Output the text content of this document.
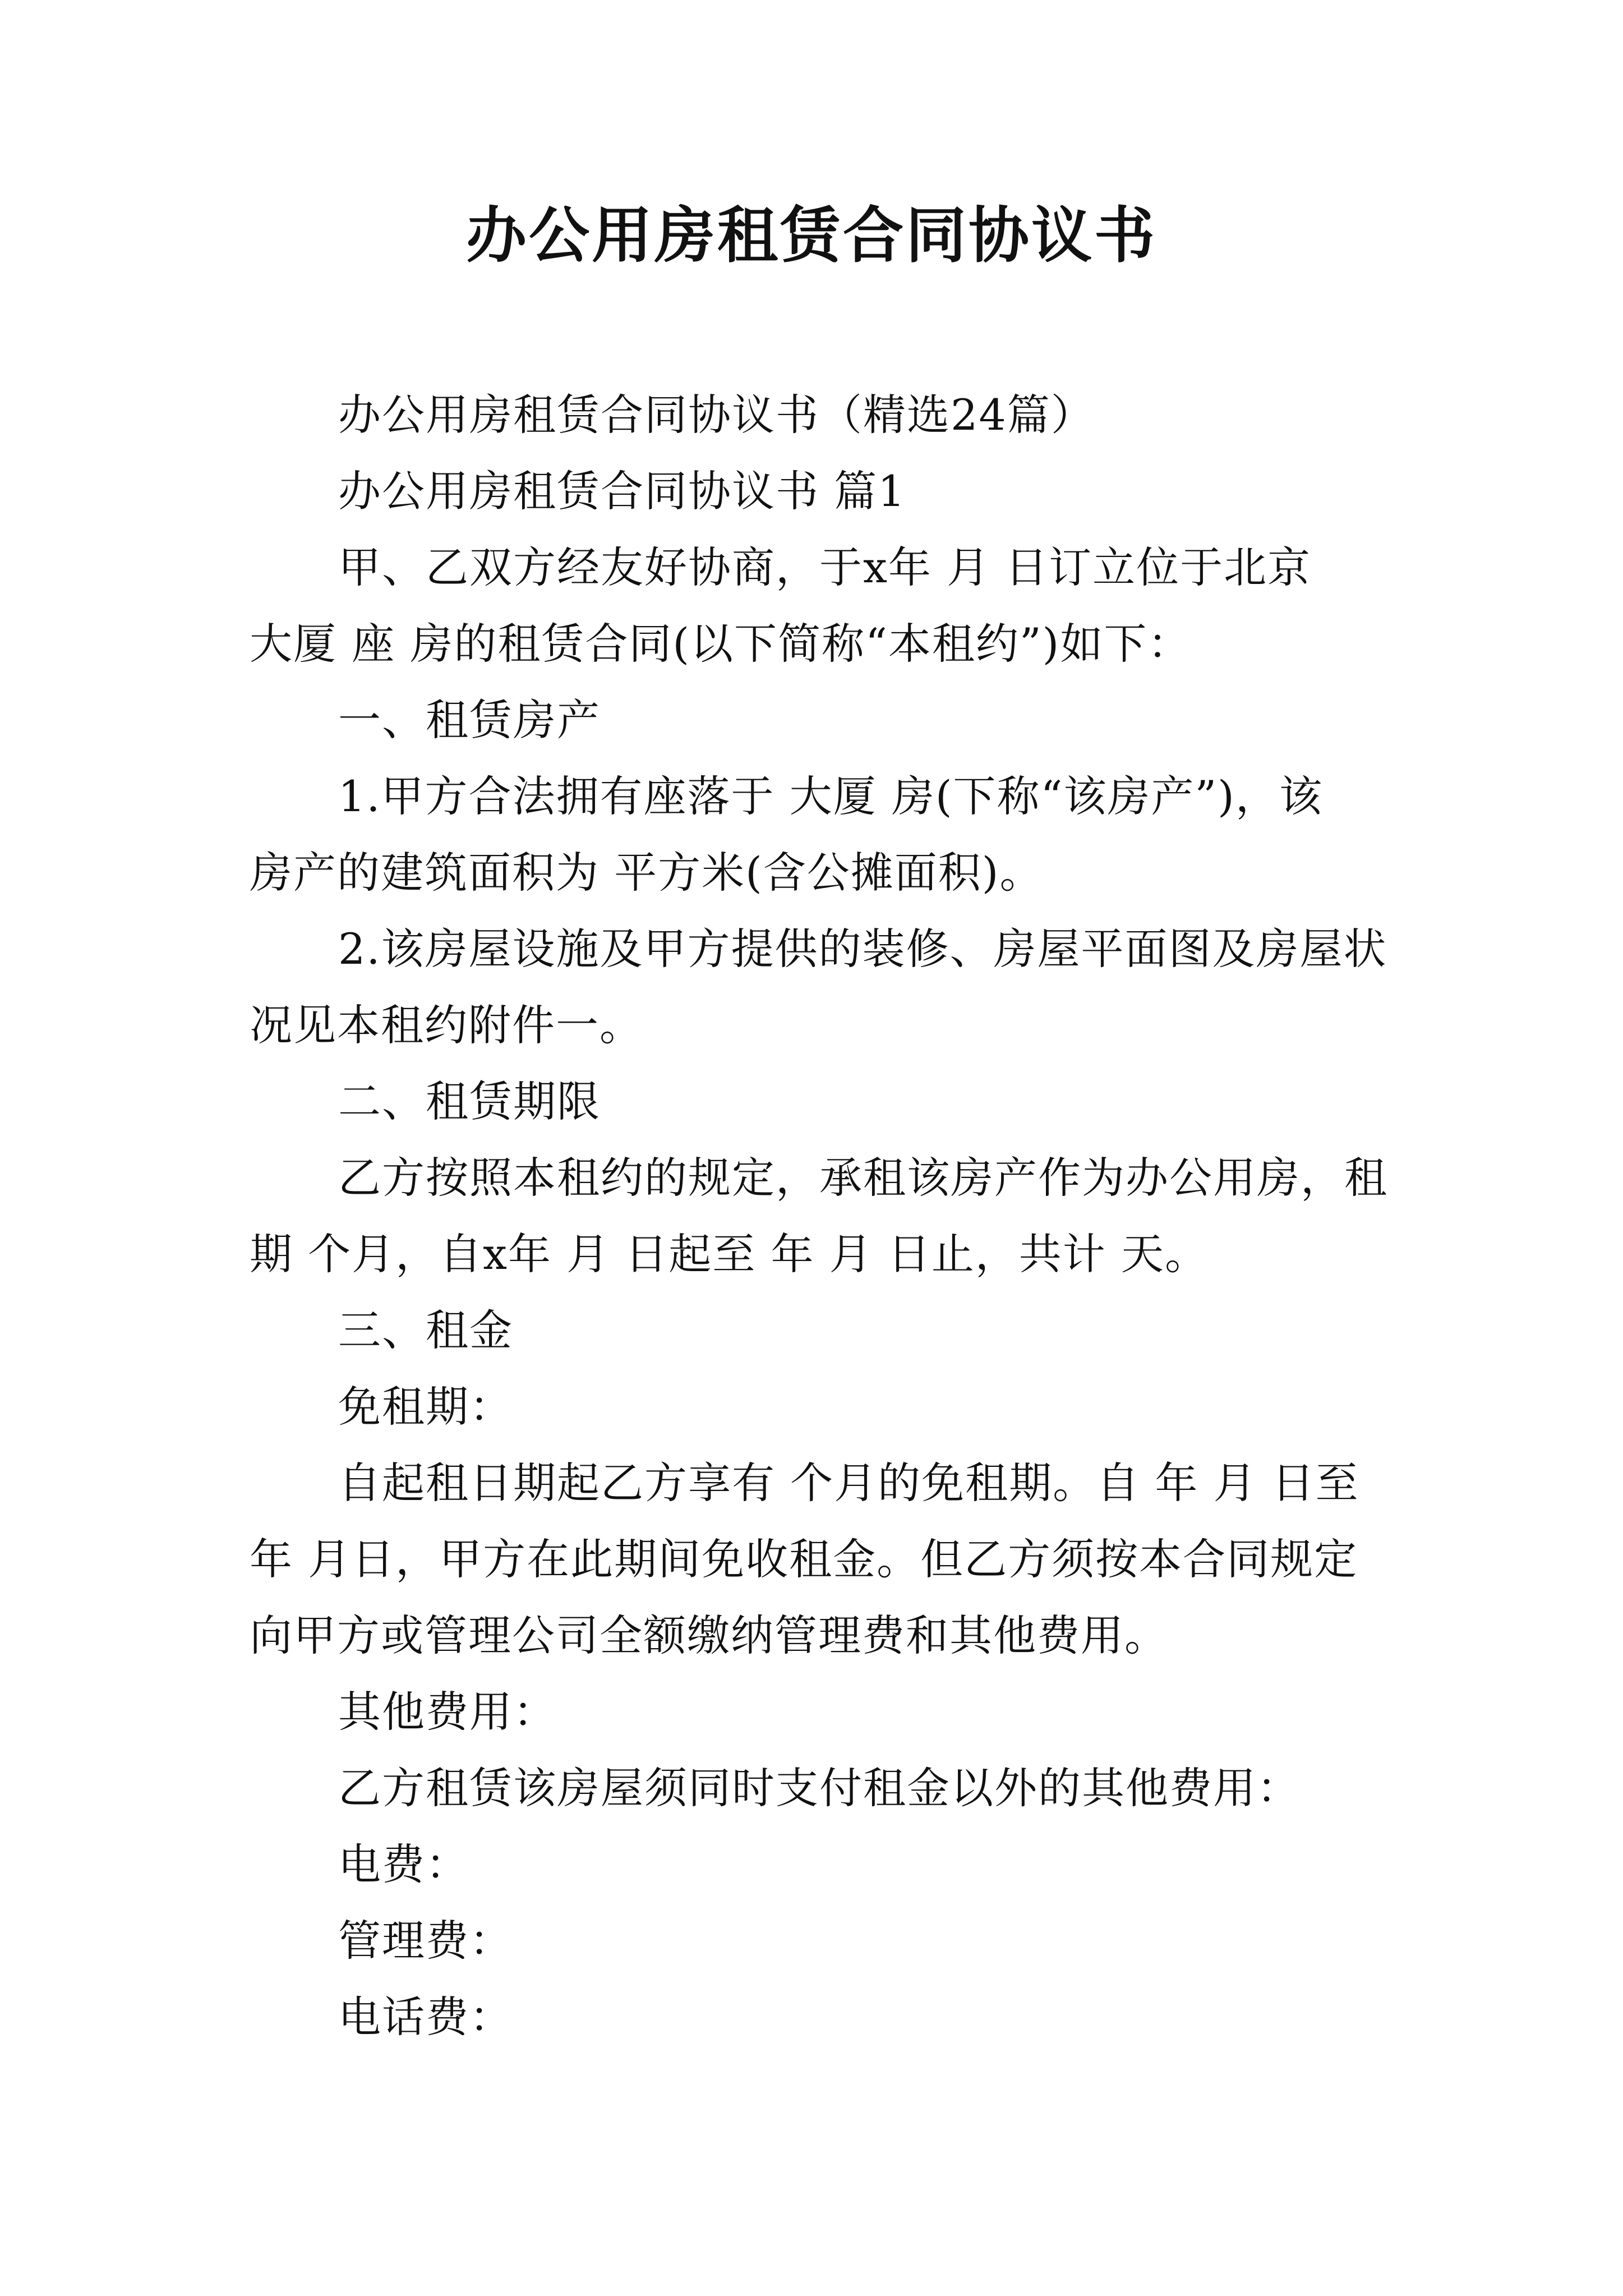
办公用房租赁合同协议书
办公用房租赁合同协议书（精选24篇）
办公用房租赁合同协议书 篇1
甲、乙双方经友好协商，于x年 月 日订立位于北京
大厦 座 房的租赁合同(以下简称“本租约”)如下：
一、租赁房产
1.甲方合法拥有座落于 大厦 房(下称“该房产”)，该
房产的建筑面积为 平方米(含公摊面积)。
2.该房屋设施及甲方提供的装修、房屋平面图及房屋状
况见本租约附件一。
二、租赁期限
乙方按照本租约的规定，承租该房产作为办公用房，租
期 个月，自x年 月 日起至 年 月 日止，共计 天。
三、租金
免租期：
自起租日期起乙方享有 个月的免租期。自 年 月 日至
年 月日，甲方在此期间免收租金。但乙方须按本合同规定
向甲方或管理公司全额缴纳管理费和其他费用。
其他费用：
乙方租赁该房屋须同时支付租金以外的其他费用：
电费：
管理费：
电话费：
